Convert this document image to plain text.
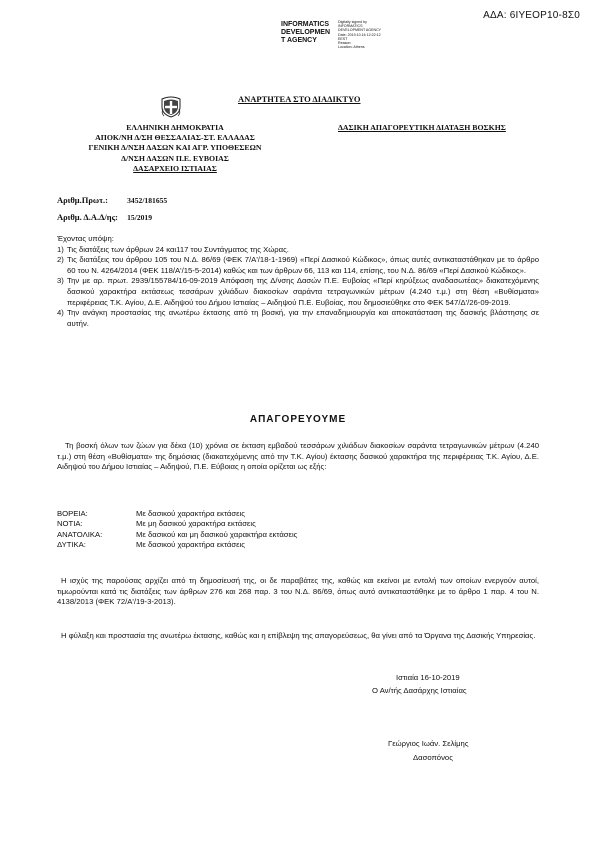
ΑΔΑ: 6ΙΥΕΟΡ10-8Σ0
INFORMATICS
DEVELOPMEN
T AGENCY
Digitally signed by
INFORMATICS
DEVELOPMENT AGENCY
Date: 2019.10.16 12:22:12
EEST
Reason:
Location: Athens
ΑΝΑΡΤΗΤΕΑ ΣΤΟ ΔΙΑΔΙΚΤΥΟ
ΕΛΛΗΝΙΚΗ ΔΗΜΟΚΡΑΤΙΑ
ΑΠΟΚ/ΝΗ Δ/ΣΗ ΘΕΣΣΑΛΙΑΣ-ΣΤ. ΕΛΛΑΔΑΣ
ΓΕΝΙΚΗ Δ/ΝΣΗ ΔΑΣΩΝ ΚΑΙ ΑΓΡ. ΥΠΟΘΕΣΕΩΝ
Δ/ΝΣΗ ΔΑΣΩΝ Π.Ε. ΕΥΒΟΙΑΣ
ΔΑΣΑΡΧΕΙΟ ΙΣΤΙΑΙΑΣ
ΔΑΣΙΚΗ ΑΠΑΓΟΡΕΥΤΙΚΗ ΔΙΑΤΑΞΗ ΒΟΣΚΗΣ
Αριθμ.Πρωτ.:	3452/181655
Αριθμ. Δ.Α.Δ/ης: 15/2019

Έχοντας υπόψη:

1) Τις διατάξεις των άρθρων 24 και117 του Συντάγματος της Χώρας.
2) Τις διατάξεις του άρθρου 105 του Ν.Δ. 86/69 (ΦΕΚ 7/Α'/18-1-1969) «Περί Δασικού Κώδικος», όπως αυτές αντικαταστάθηκαν με το άρθρο 60 του Ν. 4264/2014 (ΦΕΚ 118/Α'/15-5-2014) καθώς και των άρθρων 66, 113 και 114, επίσης, του Ν.Δ. 86/69 «Περί Δασικού Κώδικος».
3) Την με αρ. πρωτ. 2939/155784/16-09-2019 Απόφαση της Δ/νσης Δασών Π.Ε. Ευβοίας «Περί κηρύξεως αναδασωτέας» διακατεχόμενης δασικού χαρακτήρα εκτάσεως τεσσάρων χιλιάδων διακοσίων σαράντα τετραγωνικών μέτρων (4.240 τ.μ.) στη θέση «Βυθίσματα» περιφέρειας Τ.Κ. Αγίου, Δ.Ε. Αιδηψού του Δήμου Ιστιαίας – Αιδηψού Π.Ε. Ευβοίας, που δημοσιεύθηκε στο ΦΕΚ 547/Δ'/26-09-2019.
4) Την ανάγκη προστασίας της ανωτέρω έκτασης από τη βοσκή, για την επαναδημιουργία και αποκατάσταση της δασικής βλάστησης σε αυτήν.
ΑΠΑΓΟΡΕΥΟΥΜΕ

Τη βοσκή όλων των ζώων για δέκα (10) χρόνια σε έκταση εμβαδού τεσσάρων χιλιάδων διακοσίων σαράντα τετραγωνικών μέτρων (4.240 τ.μ.) στη θέση «Βυθίσματα» της δημόσιας (διακατεχόμενης από την Τ.Κ. Αγίου) έκτασης δασικού χαρακτήρα της περιφέρειας Τ.Κ. Αγίου, Δ.Ε. Αιδηψού του Δήμου Ιστιαίας – Αιδηψού, Π.Ε. Εύβοιας η οποία ορίζεται ως εξής:

ΒΟΡΕΙΑ:	Με δασικού χαρακτήρα εκτάσεις
ΝΟΤΙΑ:	Με μη δασικού χαρακτήρα εκτάσεις
ΑΝΑΤΟΛΙΚΑ:	Με δασικού και μη δασικού χαρακτήρα εκτάσεις
ΔΥΤΙΚΑ:	Με δασικού χαρακτήρα εκτάσεις

Η ισχύς της παρούσας αρχίζει από τη δημοσίευσή της, οι δε παραβάτες της, καθώς και εκείνοι με εντολή των οποίων ενεργούν αυτοί, τιμωρούνται κατά τις διατάξεις των άρθρων 276 και 268 παρ. 3 του Ν.Δ. 86/69, όπως αυτό αντικαταστάθηκε με το άρθρο 1 παρ. 4 του Ν. 4138/2013 (ΦΕΚ 72/Α'/19-3-2013).

Η φύλαξη και προστασία της ανωτέρω έκτασης, καθώς και η επίβλεψη της απαγορεύσεως, θα γίνει από τα Όργανα της Δασικής Υπηρεσίας.

Ιστιαία 16-10-2019
Ο Αν/τής Δασάρχης Ιστιαίας
Γεώργιος Ιωάν. Σελίμης
Δασοπόνος
